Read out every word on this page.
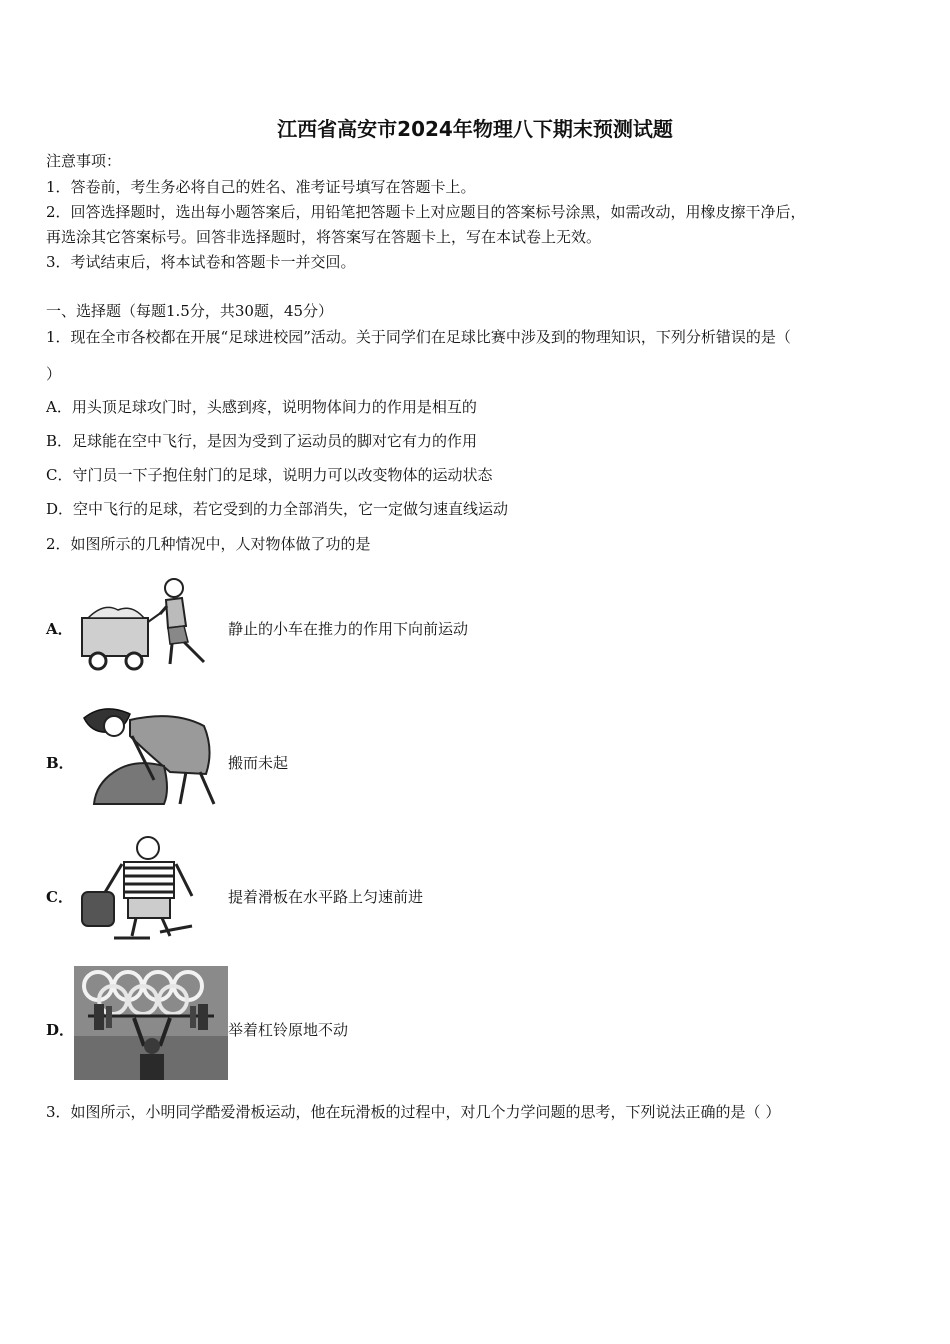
江西省高安市2024年物理八下期末预测试题
注意事项：
1．答卷前，考生务必将自己的姓名、准考证号填写在答题卡上。
2．回答选择题时，选出每小题答案后，用铅笔把答题卡上对应题目的答案标号涂黑，如需改动，用橡皮擦干净后，
再选涂其它答案标号。回答非选择题时，将答案写在答题卡上，写在本试卷上无效。
3．考试结束后，将本试卷和答题卡一并交回。
一、选择题（每题1.5分，共30题，45分）
1．现在全市各校都在开展“足球进校园”活动。关于同学们在足球比赛中涉及到的物理知识，下列分析错误的是（
）
A．用头顶足球攻门时，头感到疼，说明物体间力的作用是相互的
B．足球能在空中飞行，是因为受到了运动员的脚对它有力的作用
C．守门员一下子抱住射门的足球，说明力可以改变物体的运动状态
D．空中飞行的足球，若它受到的力全部消失，它一定做匀速直线运动
2．如图所示的几种情况中，人对物体做了功的是
A．	静止的小车在推力的作用下向前运动
B．	搬而未起
C．	提着滑板在水平路上匀速前进
D．	举着杠铃原地不动
3．如图所示，小明同学酷爱滑板运动，他在玩滑板的过程中，对几个力学问题的思考，下列说法正确的是（ ）
